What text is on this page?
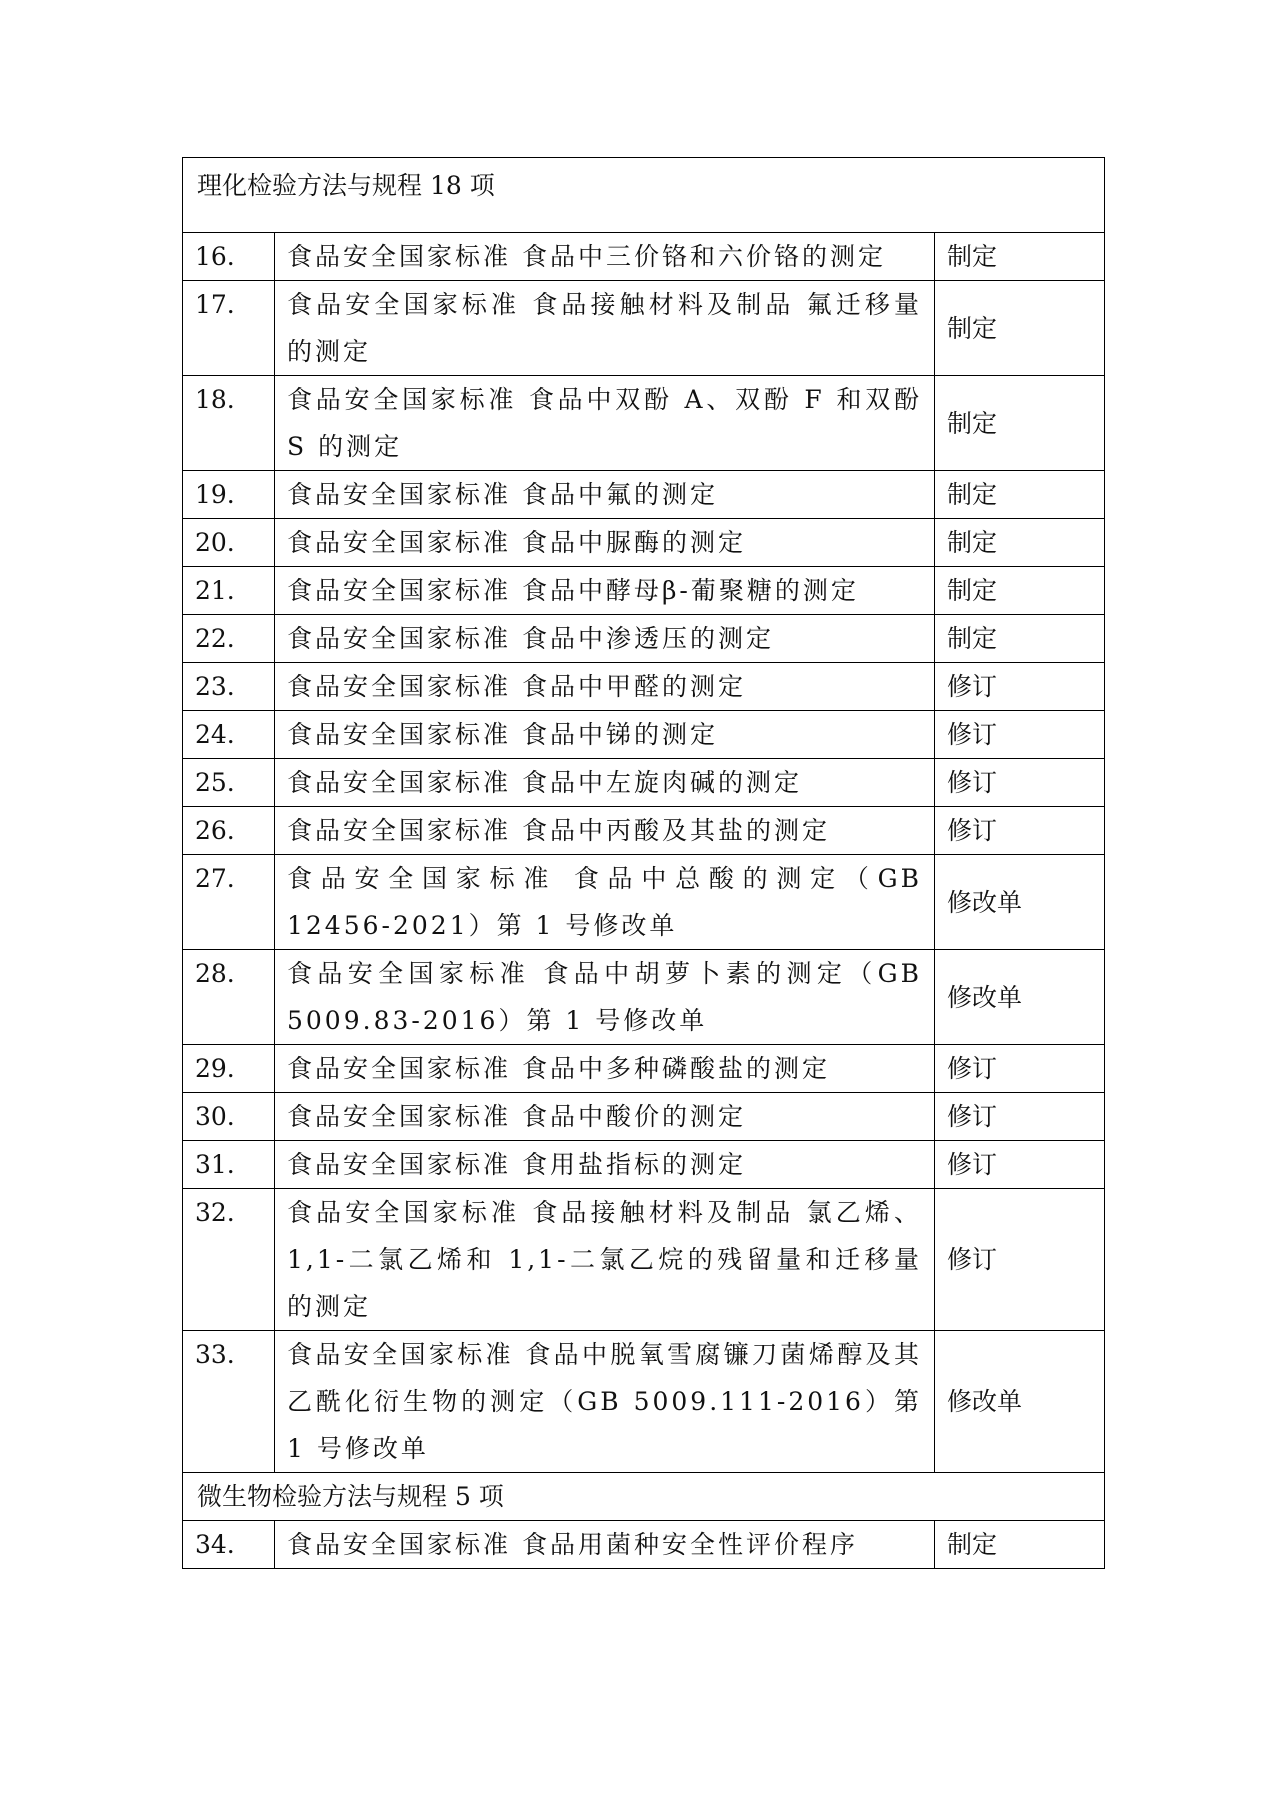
理化检验方法与规程 18 项		
16.	食品安全国家标准 食品中三价铬和六价铬的测定	制定
17.	食品安全国家标准 食品接触材料及制品 氟迁移量的测定	制定
18.	食品安全国家标准 食品中双酚 A、双酚 F 和双酚 S 的测定	制定
19.	食品安全国家标准 食品中氟的测定	制定
20.	食品安全国家标准 食品中脲酶的测定	制定
21.	食品安全国家标准 食品中酵母β-葡聚糖的测定	制定
22.	食品安全国家标准 食品中渗透压的测定	制定
23.	食品安全国家标准 食品中甲醛的测定	修订
24.	食品安全国家标准 食品中锑的测定	修订
25.	食品安全国家标准 食品中左旋肉碱的测定	修订
26.	食品安全国家标准 食品中丙酸及其盐的测定	修订
27.	食品安全国家标准 食品中总酸的测定（GB 12456-2021）第 1 号修改单	修改单
28.	食品安全国家标准 食品中胡萝卜素的测定（GB 5009.83-2016）第 1 号修改单	修改单
29.	食品安全国家标准 食品中多种磷酸盐的测定	修订
30.	食品安全国家标准 食品中酸价的测定	修订
31.	食品安全国家标准 食用盐指标的测定	修订
32.	食品安全国家标准 食品接触材料及制品 氯乙烯、1,1-二氯乙烯和 1,1-二氯乙烷的残留量和迁移量的测定	修订
33.	食品安全国家标准 食品中脱氧雪腐镰刀菌烯醇及其乙酰化衍生物的测定（GB 5009.111-2016）第 1 号修改单	修改单
微生物检验方法与规程 5 项		
34.	食品安全国家标准 食品用菌种安全性评价程序	制定
